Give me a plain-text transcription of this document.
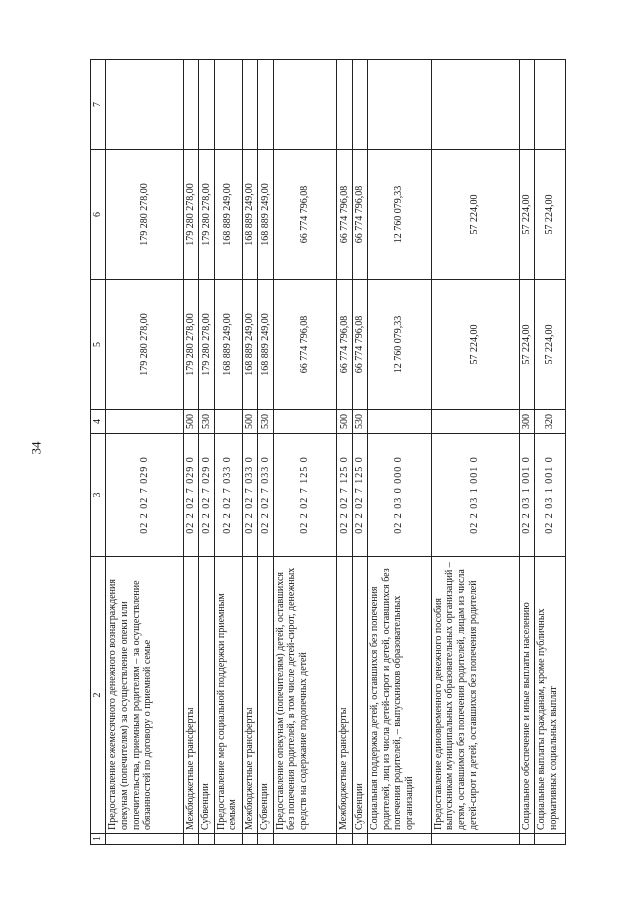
34
1	2	3	4	5	6	7
	Предоставление ежемесячного денежного вознаграждения опекунам (попечителям) за осуществление опеки или попечительства, приемным родителям – за осуществление обязанностей по договору о приемной семье	02 2 02 7 029 0		179 280 278,00	179 280 278,00	
	Межбюджетные трансферты	02 2 02 7 029 0	500	179 280 278,00	179 280 278,00	
	Субвенции	02 2 02 7 029 0	530	179 280 278,00	179 280 278,00	
	Предоставление мер социальной поддержки приемным семьям	02 2 02 7 033 0		168 889 249,00	168 889 249,00	
	Межбюджетные трансферты	02 2 02 7 033 0	500	168 889 249,00	168 889 249,00	
	Субвенции	02 2 02 7 033 0	530	168 889 249,00	168 889 249,00	
	Предоставление опекунам (попечителям) детей, оставшихся без попечения родителей, в том числе детей-сирот, денежных средств на содержание подопечных детей	02 2 02 7 125 0		66 774 796,08	66 774 796,08	
	Межбюджетные трансферты	02 2 02 7 125 0	500	66 774 796,08	66 774 796,08	
	Субвенции	02 2 02 7 125 0	530	66 774 796,08	66 774 796,08	
	Социальная поддержка детей, оставшихся без попечения родителей, лиц из числа детей-сирот и детей, оставшихся без попечения родителей, – выпускников образовательных организаций	02 2 03 0 000 0		12 760 079,33	12 760 079,33	
	Предоставление единовременного денежного пособия выпускникам муниципальных образовательных организаций – детям, оставшимся без попечения родителей, лицам из числа детей-сирот и детей, оставшихся без попечения родителей	02 2 03 1 001 0		57 224,00	57 224,00	
	Социальное обеспечение и иные выплаты населению	02 2 03 1 001 0	300	57 224,00	57 224,00	
	Социальные выплаты гражданам, кроме публичных нормативных социальных выплат	02 2 03 1 001 0	320	57 224,00	57 224,00	
